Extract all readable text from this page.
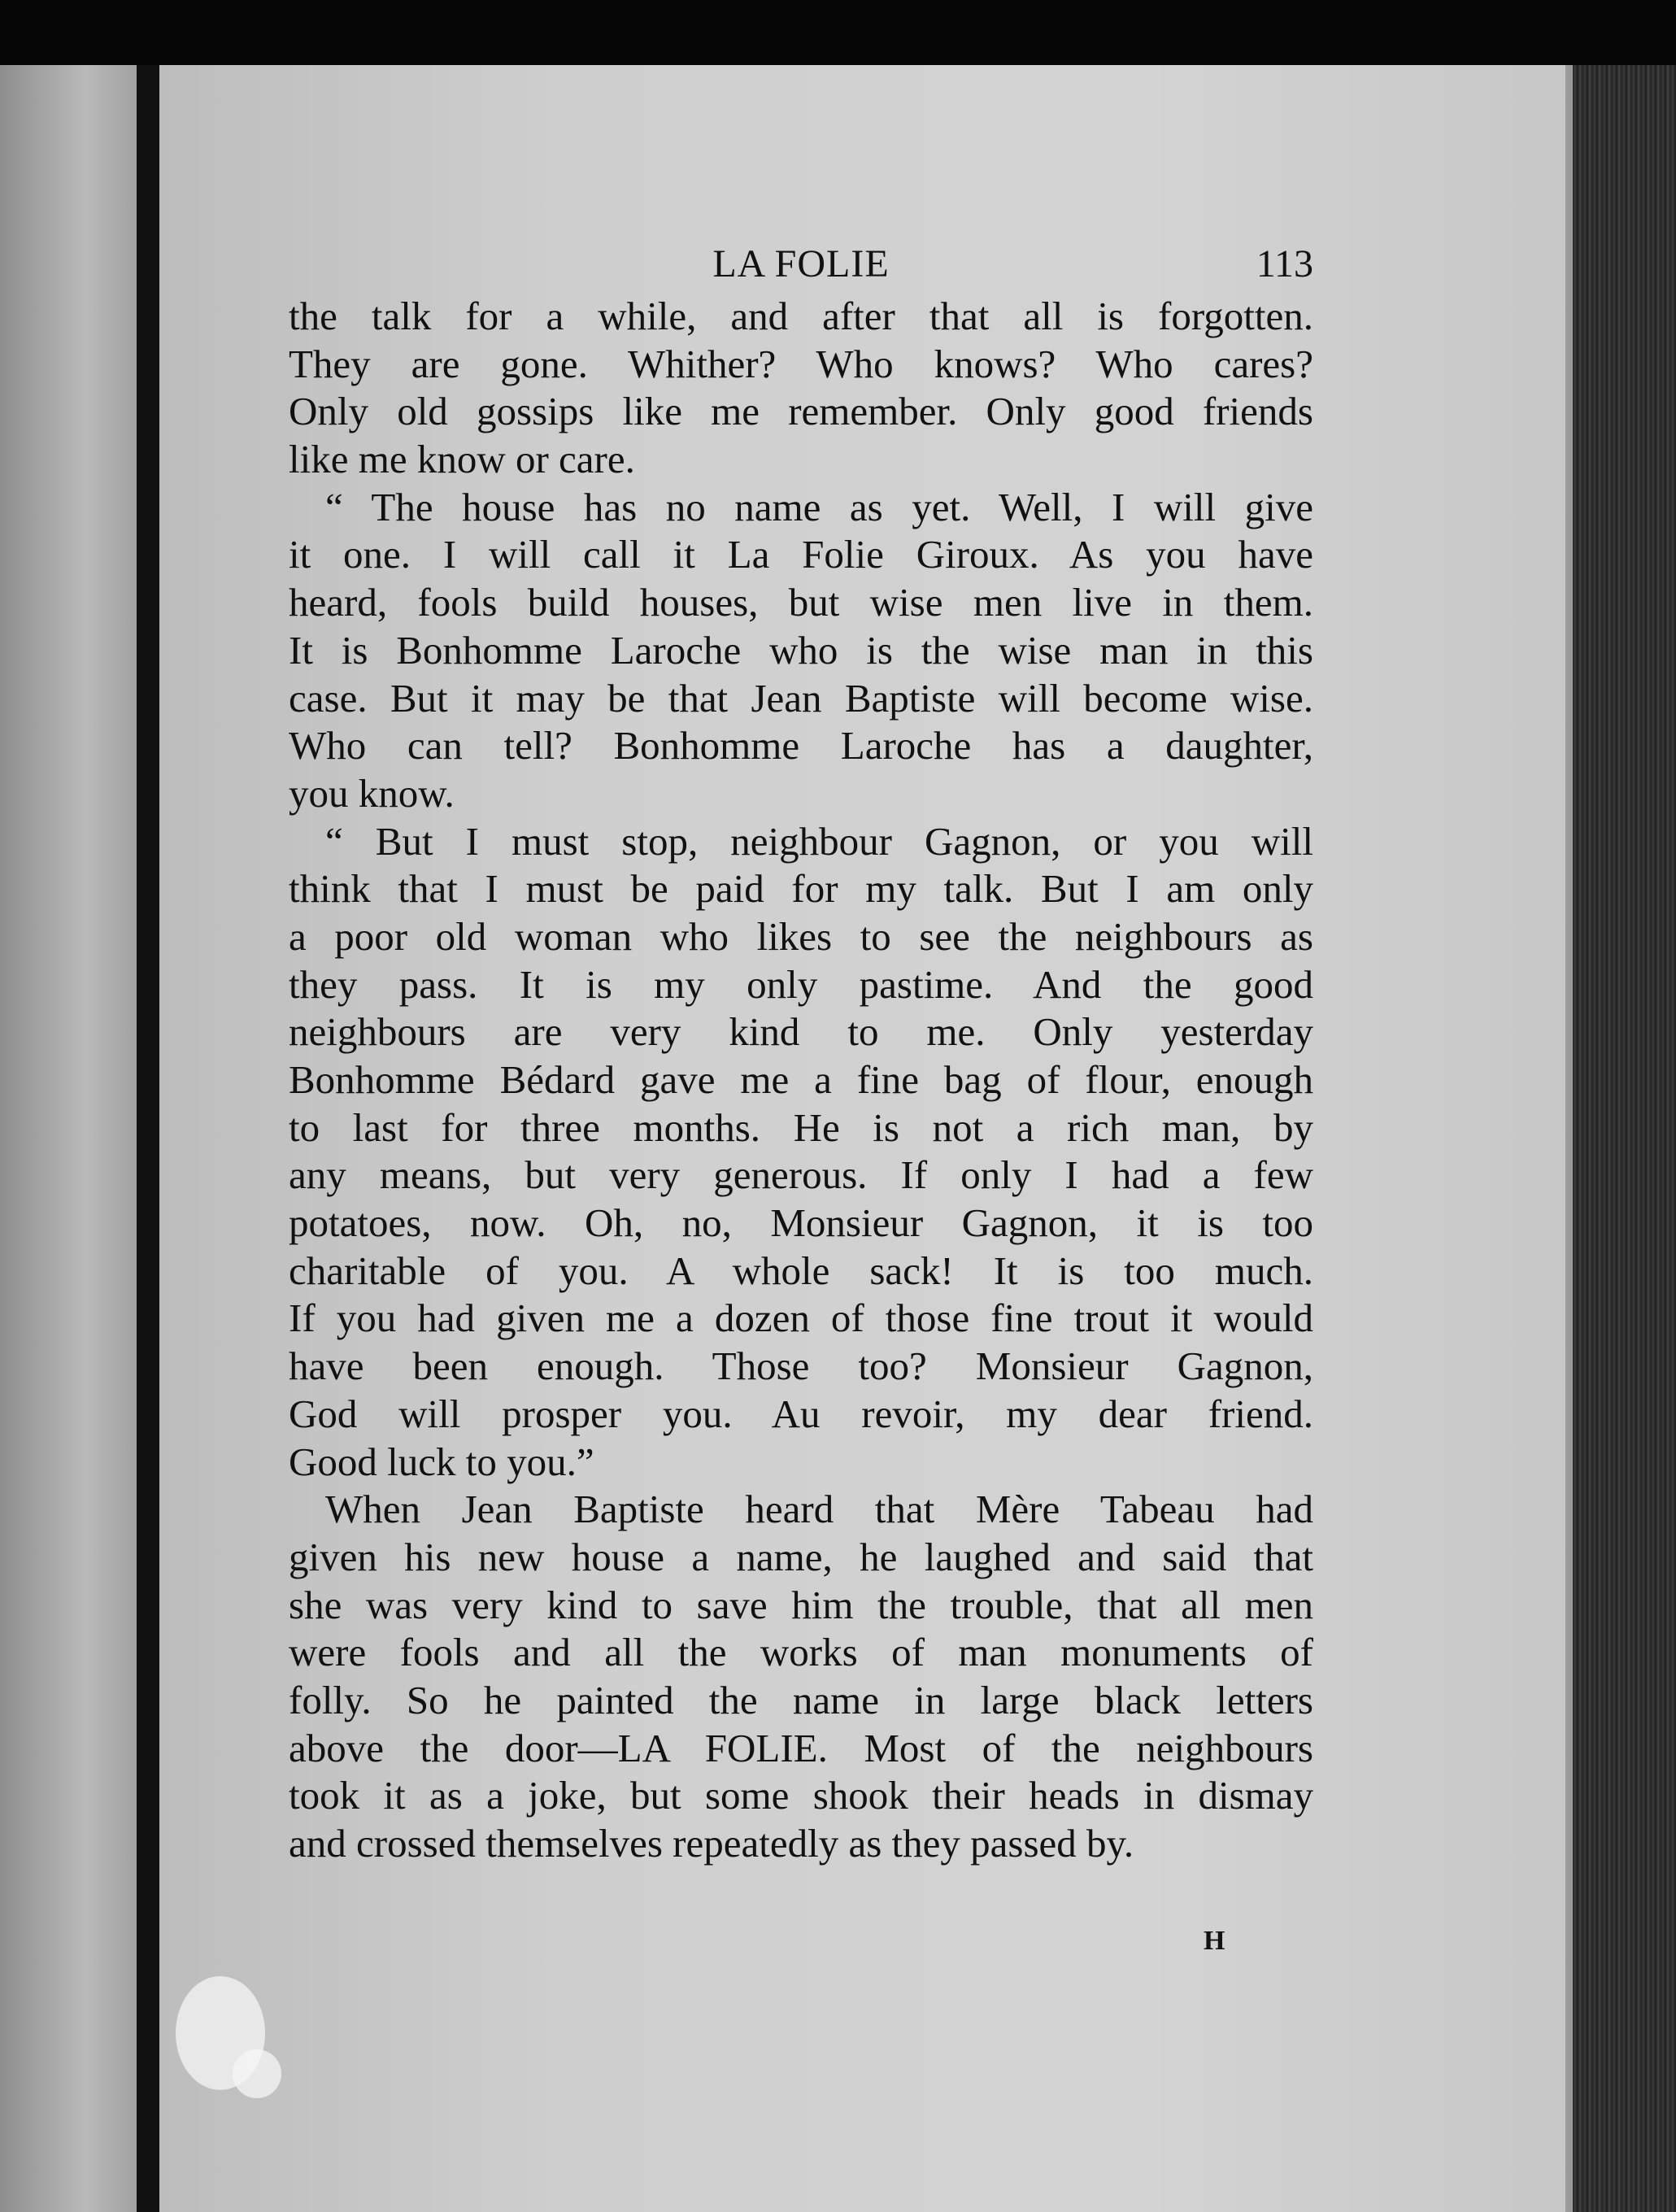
LA FOLIE	113
the talk for a while, and after that all is forgotten.
They are gone. Whither? Who knows? Who cares?
Only old gossips like me remember. Only good friends
like me know or care.
“ The house has no name as yet. Well, I will give
it one. I will call it La Folie Giroux. As you have
heard, fools build houses, but wise men live in them.
It is Bonhomme Laroche who is the wise man in this
case. But it may be that Jean Baptiste will become wise.
Who can tell? Bonhomme Laroche has a daughter,
you know.
“ But I must stop, neighbour Gagnon, or you will
think that I must be paid for my talk. But I am only
a poor old woman who likes to see the neighbours as
they pass. It is my only pastime. And the good
neighbours are very kind to me. Only yesterday
Bonhomme Bédard gave me a fine bag of flour, enough
to last for three months. He is not a rich man, by
any means, but very generous. If only I had a few
potatoes, now. Oh, no, Monsieur Gagnon, it is too
charitable of you. A whole sack! It is too much.
If you had given me a dozen of those fine trout it would
have been enough. Those too? Monsieur Gagnon,
God will prosper you. Au revoir, my dear friend.
Good luck to you.”
When Jean Baptiste heard that Mère Tabeau had
given his new house a name, he laughed and said that
she was very kind to save him the trouble, that all men
were fools and all the works of man monuments of
folly. So he painted the name in large black letters
above the door—LA FOLIE. Most of the neighbours
took it as a joke, but some shook their heads in dismay
and crossed themselves repeatedly as they passed by.
H
